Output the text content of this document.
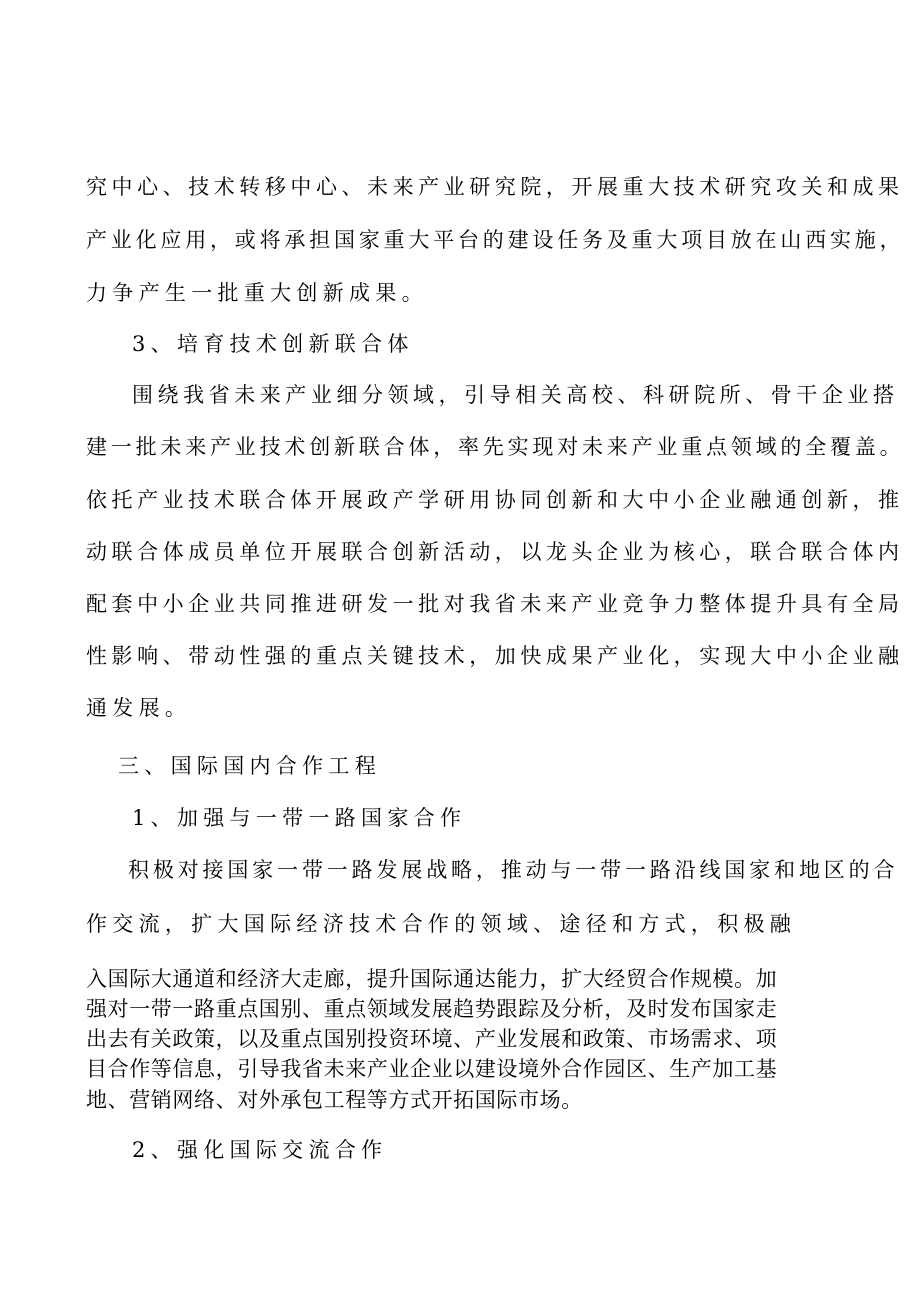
究中心、技术转移中心、未来产业研究院，开展重大技术研究攻关和成果

产业化应用，或将承担国家重大平台的建设任务及重大项目放在山西实施，

力争产生一批重大创新成果。

3、培育技术创新联合体

围绕我省未来产业细分领域，引导相关高校、科研院所、骨干企业搭

建一批未来产业技术创新联合体，率先实现对未来产业重点领域的全覆盖。

依托产业技术联合体开展政产学研用协同创新和大中小企业融通创新，推

动联合体成员单位开展联合创新活动，以龙头企业为核心，联合联合体内

配套中小企业共同推进研发一批对我省未来产业竞争力整体提升具有全局

性影响、带动性强的重点关键技术，加快成果产业化，实现大中小企业融

通发展。

三、国际国内合作工程

1、加强与一带一路国家合作

积极对接国家一带一路发展战略，推动与一带一路沿线国家和地区的合

作交流，扩大国际经济技术合作的领域、途径和方式，积极融

入国际大通道和经济大走廊，提升国际通达能力，扩大经贸合作规模。加

强对一带一路重点国别、重点领域发展趋势跟踪及分析，及时发布国家走

出去有关政策，以及重点国别投资环境、产业发展和政策、市场需求、项

目合作等信息，引导我省未来产业企业以建设境外合作园区、生产加工基

地、营销网络、对外承包工程等方式开拓国际市场。

2、强化国际交流合作
